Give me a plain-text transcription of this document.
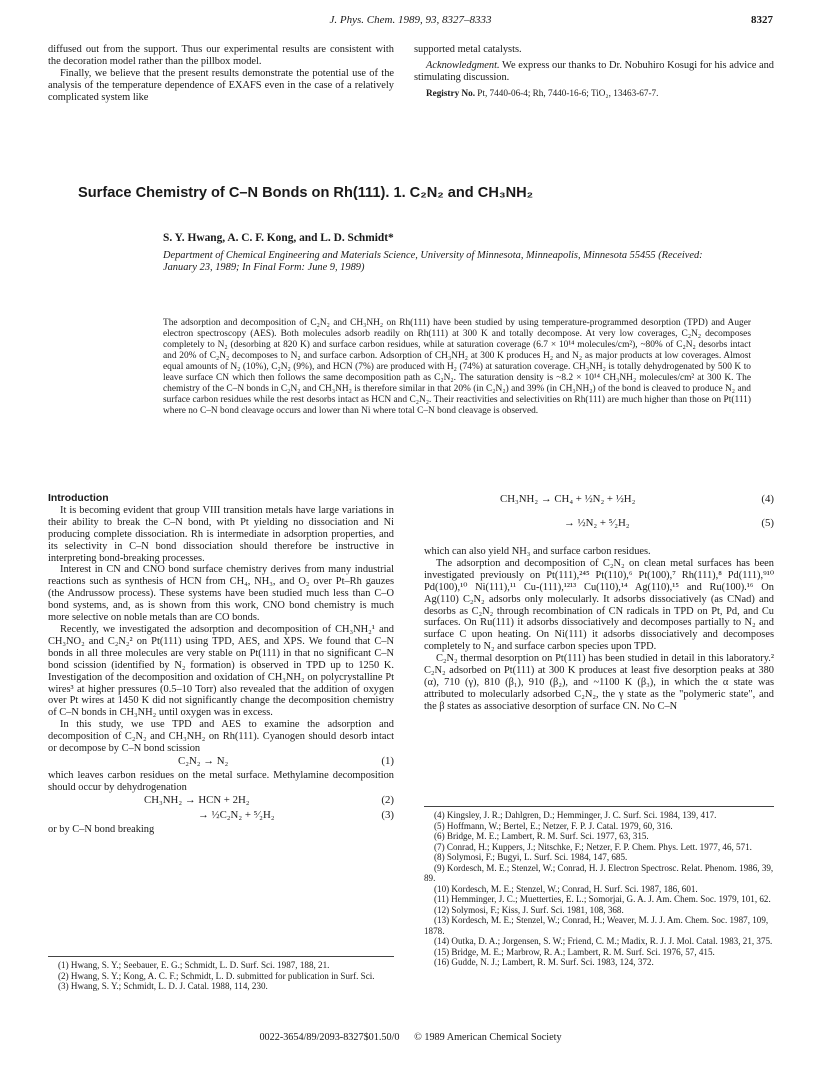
J. Phys. Chem. 1989, 93, 8327–8333	8327

diffused out from the support. Thus our experimental results are consistent with the decoration model rather than the pillbox model.

Finally, we believe that the present results demonstrate the potential use of the analysis of the temperature dependence of EXAFS even in the case of a relatively complicated system like

supported metal catalysts.

Acknowledgment. We express our thanks to Dr. Nobuhiro Kosugi for his advice and stimulating discussion.

Registry No. Pt, 7440-06-4; Rh, 7440-16-6; TiO₂, 13463-67-7.

Surface Chemistry of C–N Bonds on Rh(111). 1. C₂N₂ and CH₃NH₂
S. Y. Hwang, A. C. F. Kong, and L. D. Schmidt*
Department of Chemical Engineering and Materials Science, University of Minnesota, Minneapolis, Minnesota 55455 (Received: January 23, 1989; In Final Form: June 9, 1989)
The adsorption and decomposition of C₂N₂ and CH₃NH₂ on Rh(111) have been studied by using temperature-programmed desorption (TPD) and Auger electron spectroscopy (AES). Both molecules adsorb readily on Rh(111) at 300 K and totally decompose. At very low coverages, C₂N₂ decomposes completely to N₂ (desorbing at 820 K) and surface carbon residues, while at saturation coverage (6.7 × 10¹⁴ molecules/cm²), ~80% of C₂N₂ desorbs intact and 20% of C₂N₂ decomposes to N₂ and surface carbon. Adsorption of CH₃NH₂ at 300 K produces H₂ and N₂ as major products at low coverages. Almost equal amounts of N₂ (10%), C₂N₂ (9%), and HCN (7%) are produced with H₂ (74%) at saturation coverage. CH₃NH₂ is totally dehydrogenated by 500 K to leave surface CN which then follows the same decomposition path as C₂N₂. The saturation density is ~8.2 × 10¹⁴ CH₃NH₂ molecules/cm² at 300 K. The chemistry of the C–N bonds in C₂N₂ and CH₃NH₂ is therefore similar in that 20% (in C₂N₂) and 39% (in CH₃NH₂) of the bond is cleaved to produce N₂ and surface carbon residues while the rest desorbs intact as HCN and C₂N₂. Their reactivities and selectivities on Rh(111) are much higher than those on Pt(111) where no C–N bond cleavage occurs and lower than Ni where total C–N bond cleavage is observed.
Introduction

It is becoming evident that group VIII transition metals have large variations in their ability to break the C–N bond, with Pt yielding no dissociation and Ni producing complete dissociation. Rh is intermediate in adsorption properties, and its selectivity in C–N bond dissociation should therefore be instructive in interpreting bond-breaking processes.

Interest in CN and CNO bond surface chemistry derives from many industrial reactions such as synthesis of HCN from CH₄, NH₃, and O₂ over Pt–Rh gauzes (the Andrussow process). These systems have been studied much less than C–O bond systems, and, as is shown from this work, CNO bond chemistry is much more selective on noble metals than are CO bonds.

Recently, we investigated the adsorption and decomposition of CH₃NH₂¹ and CH₃NO₂ and C₂N₂² on Pt(111) using TPD, AES, and XPS. We found that C–N bonds in all three molecules are very stable on Pt(111) in that no significant C–N bond scission (identified by N₂ formation) is observed in TPD up to 1250 K. Investigation of the decomposition and oxidation of CH₃NH₂ on polycrystalline Pt wires³ at higher pressures (0.5–10 Torr) also revealed that the addition of oxygen over Pt wires at 1450 K did not significantly change the decomposition chemistry of C–N bonds in CH₃NH₂ until oxygen was in excess.

In this study, we use TPD and AES to examine the adsorption and decomposition of C₂N₂ and CH₃NH₂ on Rh(111). Cyanogen should desorb intact or decompose by C–N bond scission

C₂N₂ → N₂	(1)

which leaves carbon residues on the metal surface. Methylamine decomposition should occur by dehydrogenation

CH₃NH₂ → HCN + 2H₂	(2)
→ ½C₂N₂ + ⁵⁄₂H₂	(3)

or by C–N bond breaking

(1) Hwang, S. Y.; Seebauer, E. G.; Schmidt, L. D. Surf. Sci. 1987, 188, 21.
(2) Hwang, S. Y.; Kong, A. C. F.; Schmidt, L. D. submitted for publication in Surf. Sci.
(3) Hwang, S. Y.; Schmidt, L. D. J. Catal. 1988, 114, 230.
CH₃NH₂ → CH₄ + ½N₂ + ½H₂	(4)
→ ½N₂ + ⁵⁄₂H₂	(5)

which can also yield NH₃ and surface carbon residues.

The adsorption and decomposition of C₂N₂ on clean metal surfaces has been investigated previously on Pt(111),²⁴⁵ Pt(110),⁶ Pt(100),⁷ Rh(111),⁸ Pd(111),⁹¹⁰ Pd(100),¹⁰ Ni(111),¹¹ Cu-(111),¹²¹³ Cu(110),¹⁴ Ag(110),¹⁵ and Ru(100).¹⁶ On Ag(110) C₂N₂ adsorbs only molecularly. It adsorbs dissociatively (as CNad) and desorbs as C₂N₂ through recombination of CN radicals in TPD on Pt, Pd, and Cu surfaces. On Ru(111) it adsorbs dissociatively and decomposes partially to N₂ and surface C upon heating. On Ni(111) it adsorbs dissociatively and decomposes completely to N₂ and surface carbon species upon TPD.

C₂N₂ thermal desorption on Pt(111) has been studied in detail in this laboratory.² C₂N₂ adsorbed on Pt(111) at 300 K produces at least five desorption peaks at 380 (α), 710 (γ), 810 (β₁), 910 (β₂), and ~1100 K (β₃), in which the α state was attributed to molecularly adsorbed C₂N₂, the γ state as the "polymeric state", and the β states as associative desorption of surface CN. No C–N

(4) Kingsley, J. R.; Dahlgren, D.; Hemminger, J. C. Surf. Sci. 1984, 139, 417.
(5) Hoffmann, W.; Bertel, E.; Netzer, F. P. J. Catal. 1979, 60, 316.
(6) Bridge, M. E.; Lambert, R. M. Surf. Sci. 1977, 63, 315.
(7) Conrad, H.; Kuppers, J.; Nitschke, F.; Netzer, F. P. Chem. Phys. Lett. 1977, 46, 571.
(8) Solymosi, F.; Bugyi, L. Surf. Sci. 1984, 147, 685.
(9) Kordesch, M. E.; Stenzel, W.; Conrad, H. J. Electron Spectrosc. Relat. Phenom. 1986, 39, 89.
(10) Kordesch, M. E.; Stenzel, W.; Conrad, H. Surf. Sci. 1987, 186, 601.
(11) Hemminger, J. C.; Muetterties, E. L.; Somorjai, G. A. J. Am. Chem. Soc. 1979, 101, 62.
(12) Solymosi, F.; Kiss, J. Surf. Sci. 1981, 108, 368.
(13) Kordesch, M. E.; Stenzel, W.; Conrad, H.; Weaver, M. J. J. Am. Chem. Soc. 1987, 109, 1878.
(14) Outka, D. A.; Jorgensen, S. W.; Friend, C. M.; Madix, R. J. J. Mol. Catal. 1983, 21, 375.
(15) Bridge, M. E.; Marbrow, R. A.; Lambert, R. M. Surf. Sci. 1976, 57, 415.
(16) Gudde, N. J.; Lambert, R. M. Surf. Sci. 1983, 124, 372.
0022-3654/89/2093-8327$01.50/0 © 1989 American Chemical Society
